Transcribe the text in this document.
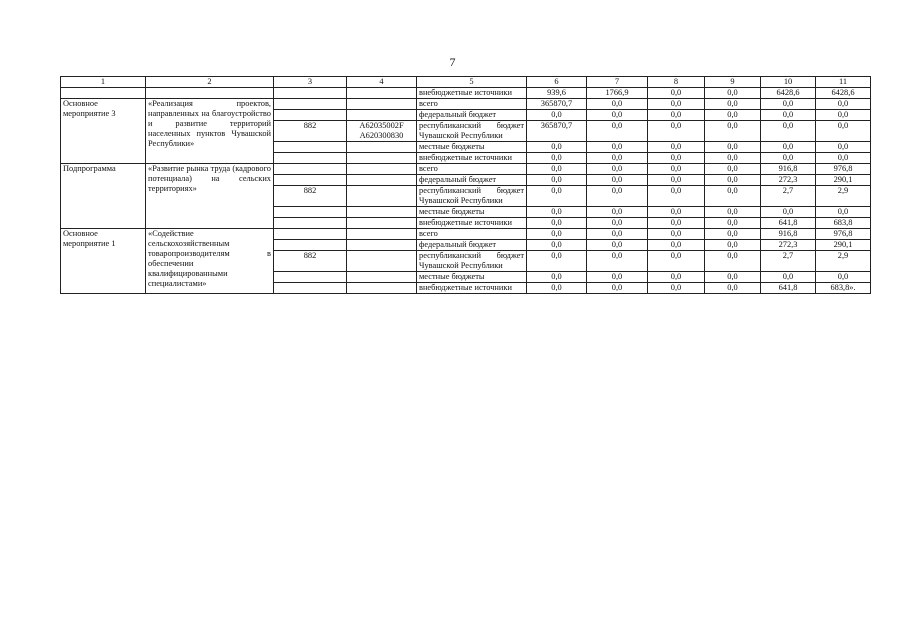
7
1	2	3	4	5	6	7	8	9	10	11
				внебюджетные источники	939,6	1766,9	0,0	0,0	6428,6	6428,6
Основное мероприятие 3	«Реализация проектов, направленных на благоустройство и развитие территорий населенных пунктов Чувашской Республики»			всего	365870,7	0,0	0,0	0,0	0,0	0,0
				федеральный бюджет	0,0	0,0	0,0	0,0	0,0	0,0
		882	А62035002F А620300830	республиканский бюджет Чувашской Республики	365870,7	0,0	0,0	0,0	0,0	0,0
				местные бюджеты	0,0	0,0	0,0	0,0	0,0	0,0
				внебюджетные источники	0,0	0,0	0,0	0,0	0,0	0,0
Подпрограмма	«Развитие рынка труда (кадрового потенциала) на сельских территориях»			всего	0,0	0,0	0,0	0,0	916,8	976,8
				федеральный бюджет	0,0	0,0	0,0	0,0	272,3	290,1
		882		республиканский бюджет Чувашской Республики	0,0	0,0	0,0	0,0	2,7	2,9
				местные бюджеты	0,0	0,0	0,0	0,0	0,0	0,0
				внебюджетные источники	0,0	0,0	0,0	0,0	641,8	683,8
Основное мероприятие 1	«Содействие сельскохозяйственным товаропроизводителям в обеспечении квалифицированными специалистами»			всего	0,0	0,0	0,0	0,0	916,8	976,8
				федеральный бюджет	0,0	0,0	0,0	0,0	272,3	290,1
		882		республиканский бюджет Чувашской Республики	0,0	0,0	0,0	0,0	2,7	2,9
				местные бюджеты	0,0	0,0	0,0	0,0	0,0	0,0
				внебюджетные источники	0,0	0,0	0,0	0,0	641,8	683,8».
